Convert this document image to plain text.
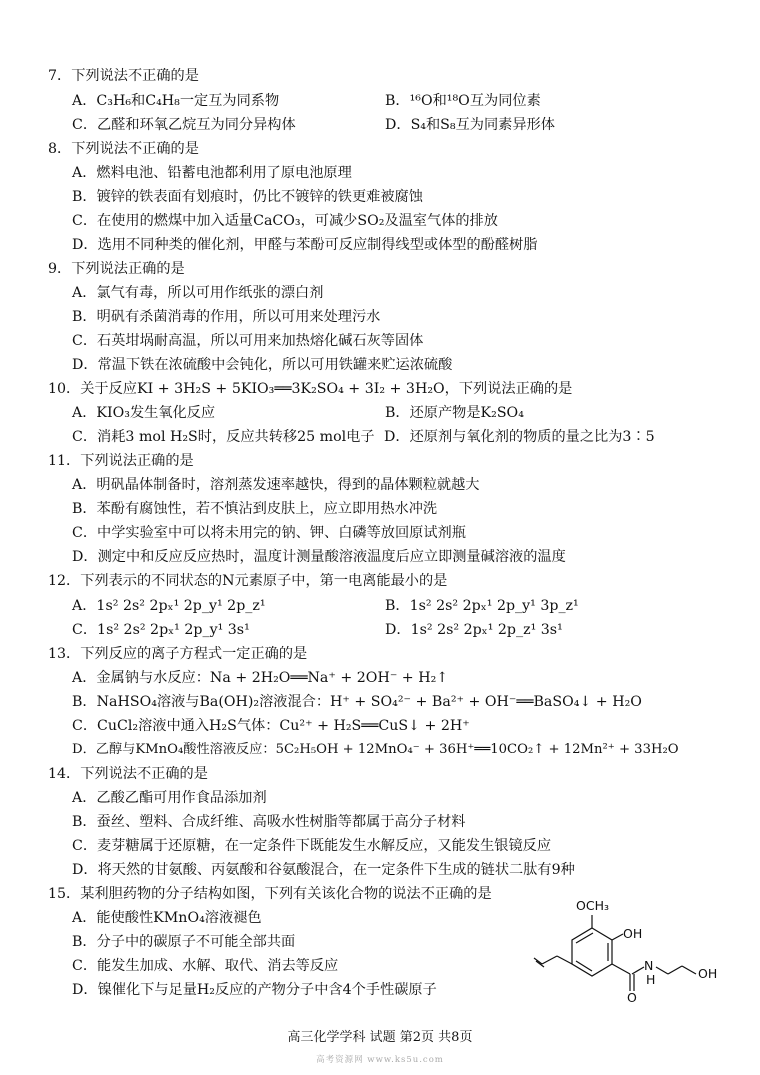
7．下列说法不正确的是
A．C₃H₆和C₄H₈一定互为同系物	B．¹⁶O和¹⁸O互为同位素
C．乙醛和环氧乙烷互为同分异构体	D．S₄和S₈互为同素异形体
8．下列说法不正确的是
A．燃料电池、铅蓄电池都利用了原电池原理
B．镀锌的铁表面有划痕时，仍比不镀锌的铁更难被腐蚀
C．在使用的燃煤中加入适量CaCO₃，可减少SO₂及温室气体的排放
D．选用不同种类的催化剂，甲醛与苯酚可反应制得线型或体型的酚醛树脂
9．下列说法正确的是
A．氯气有毒，所以可用作纸张的漂白剂
B．明矾有杀菌消毒的作用，所以可用来处理污水
C．石英坩埚耐高温，所以可用来加热熔化碱石灰等固体
D．常温下铁在浓硫酸中会钝化，所以可用铁罐来贮运浓硫酸
10．关于反应KI + 3H₂S + 5KIO₃══3K₂SO₄ + 3I₂ + 3H₂O，下列说法正确的是
A．KIO₃发生氧化反应	B．还原产物是K₂SO₄
C．消耗3 mol H₂S时，反应共转移25 mol电子 D．还原剂与氧化剂的物质的量之比为3∶5
11．下列说法正确的是
A．明矾晶体制备时，溶剂蒸发速率越快，得到的晶体颗粒就越大
B．苯酚有腐蚀性，若不慎沾到皮肤上，应立即用热水冲洗
C．中学实验室中可以将未用完的钠、钾、白磷等放回原试剂瓶
D．测定中和反应反应热时，温度计测量酸溶液温度后应立即测量碱溶液的温度
12．下列表示的不同状态的N元素原子中，第一电离能最小的是
A．1s² 2s² 2pₓ¹ 2p_y¹ 2p_z¹	B．1s² 2s² 2pₓ¹ 2p_y¹ 3p_z¹
C．1s² 2s² 2pₓ¹ 2p_y¹ 3s¹	D．1s² 2s² 2pₓ¹ 2p_z¹ 3s¹
13．下列反应的离子方程式一定正确的是
A．金属钠与水反应：Na + 2H₂O══Na⁺ + 2OH⁻ + H₂↑
B．NaHSO₄溶液与Ba(OH)₂溶液混合：H⁺ + SO₄²⁻ + Ba²⁺ + OH⁻══BaSO₄↓ + H₂O
C．CuCl₂溶液中通入H₂S气体：Cu²⁺ + H₂S══CuS↓ + 2H⁺
D．乙醇与KMnO₄酸性溶液反应：5C₂H₅OH + 12MnO₄⁻ + 36H⁺══10CO₂↑ + 12Mn²⁺ + 33H₂O
14．下列说法不正确的是
A．乙酸乙酯可用作食品添加剂
B．蚕丝、塑料、合成纤维、高吸水性树脂等都属于高分子材料
C．麦芽糖属于还原糖，在一定条件下既能发生水解反应，又能发生银镜反应
D．将天然的甘氨酸、丙氨酸和谷氨酸混合，在一定条件下生成的链状二肽有9种
15．某利胆药物的分子结构如图，下列有关该化合物的说法不正确的是
A．能使酸性KMnO₄溶液褪色
B．分子中的碳原子不可能全部共面
C．能发生加成、水解、取代、消去等反应
D．镍催化下与足量H₂反应的产物分子中含4个手性碳原子
OCH₃
OH
N
H	OH
O
高三化学学科 试题 第2页 共8页
高考资源网 www.ks5u.com
